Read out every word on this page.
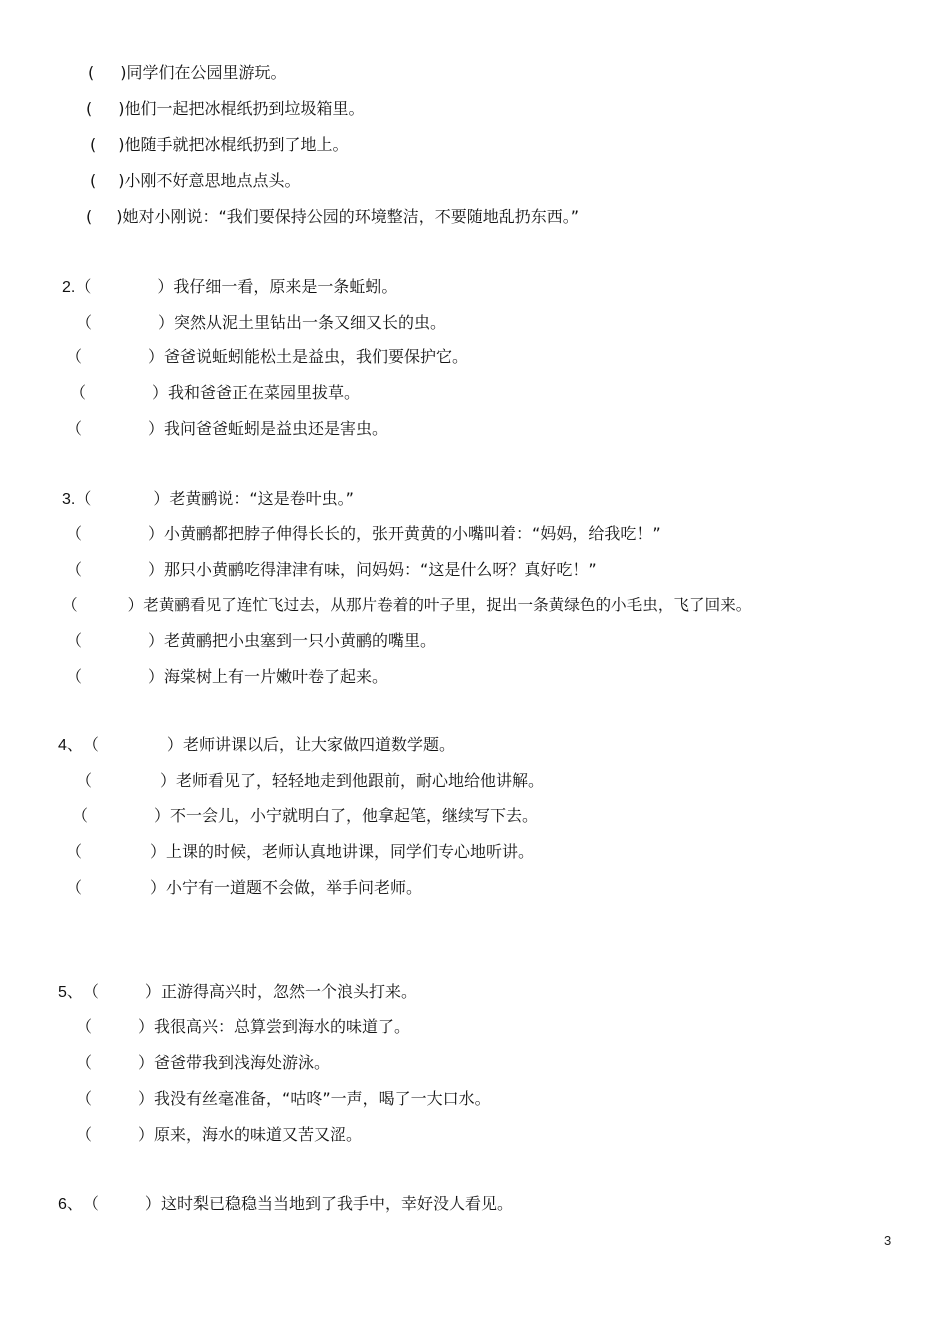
( )同学们在公园里游玩。
( )他们一起把冰棍纸扔到垃圾箱里。
( )他随手就把冰棍纸扔到了地上。
( )小刚不好意思地点点头。
( )她对小刚说：“我们要保持公园的环境整洁，不要随地乱扔东西。”
2.（	）我仔细一看，原来是一条蚯蚓。
（	）突然从泥土里钻出一条又细又长的虫。
（	）爸爸说蚯蚓能松土是益虫，我们要保护它。
（	）我和爸爸正在菜园里拔草。
（	）我问爸爸蚯蚓是益虫还是害虫。
3.（	）老黄鹂说：“这是卷叶虫。”
（	）小黄鹂都把脖子伸得长长的，张开黄黄的小嘴叫着：“妈妈，给我吃！”
（	）那只小黄鹂吃得津津有味，问妈妈：“这是什么呀？真好吃！”
（	）老黄鹂看见了连忙飞过去，从那片卷着的叶子里，捉出一条黄绿色的小毛虫，飞了回来。
（	）老黄鹂把小虫塞到一只小黄鹂的嘴里。
（	）海棠树上有一片嫩叶卷了起来。
4、（	）老师讲课以后，让大家做四道数学题。
（	）老师看见了，轻轻地走到他跟前，耐心地给他讲解。
（	）不一会儿，小宁就明白了，他拿起笔，继续写下去。
（	）上课的时候，老师认真地讲课，同学们专心地听讲。
（	）小宁有一道题不会做，举手问老师。
5、（	）正游得高兴时，忽然一个浪头打来。
（	）我很高兴：总算尝到海水的味道了。
（	）爸爸带我到浅海处游泳。
（	）我没有丝毫准备，“咕咚”一声，喝了一大口水。
（	）原来，海水的味道又苦又涩。
6、（	）这时梨已稳稳当当地到了我手中，幸好没人看见。
3
